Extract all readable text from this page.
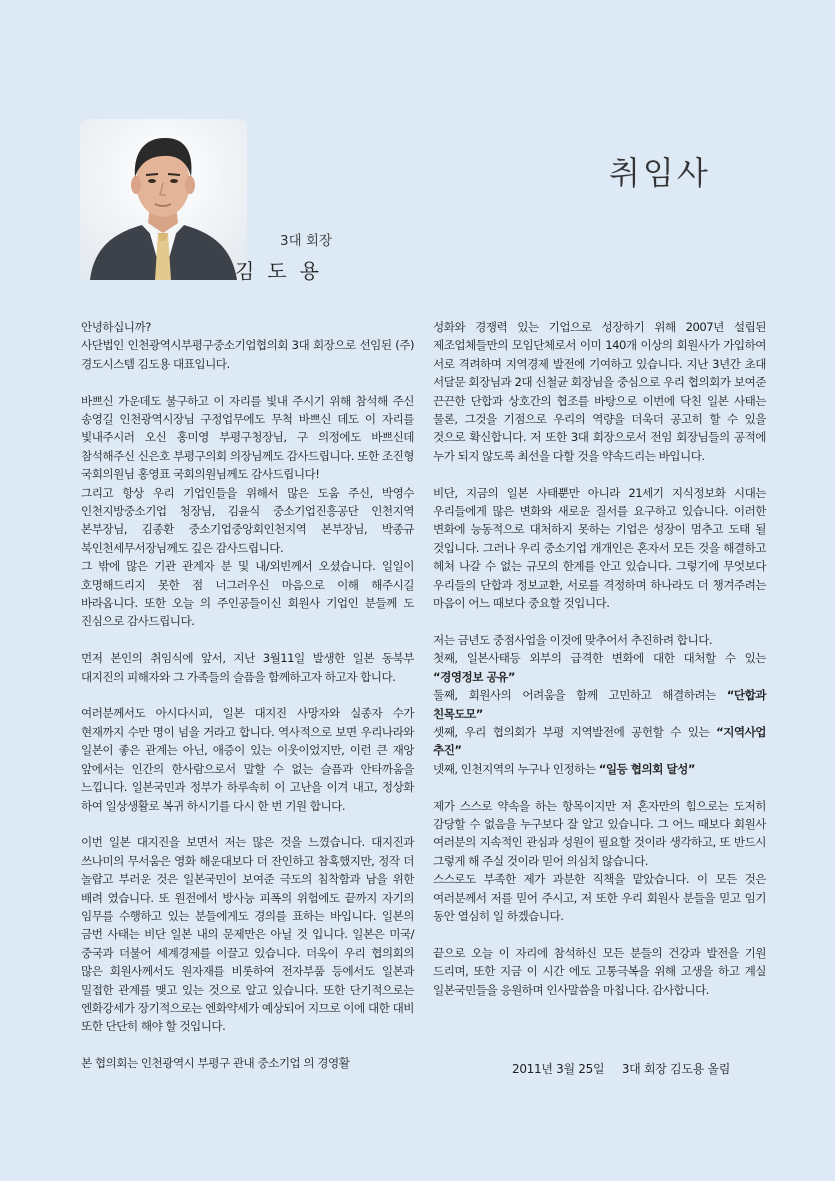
3대 회장
김도용
취임사

안녕하십니까?
사단법인 인천광역시부평구중소기업협의회 3대 회장으로 선임된 (주)경도시스템 김도용 대표입니다.

바쁘신 가운데도 불구하고 이 자리를 빛내 주시기 위해 참석해 주신 송영길 인천광역시장님 구정업무에도 무척 바쁘신 데도 이 자리를 빛내주시러 오신 홍미영 부평구청장님, 구 의정에도 바쁘신데 참석해주신 신은호 부평구의회 의장님께도 감사드립니다. 또한 조진형 국회의원님 홍영표 국회의원님께도 감사드립니다!
그리고 항상 우리 기업인들을 위해서 많은 도움 주신, 박영수 인천지방중소기업 청장님, 김윤식 중소기업진흥공단 인천지역 본부장님, 김종환 중소기업중앙회인천지역 본부장님, 박종규 북인천세무서장님께도 깊은 감사드립니다.
그 밖에 많은 기관 관계자 분 및 내/외빈께서 오셨습니다. 일일이 호명해드리지 못한 점 너그러우신 마음으로 이해 해주시길 바라옵니다. 또한 오늘 의 주인공들이신 회원사 기업인 분들께 도 진심으로 감사드립니다.

먼저 본인의 취임식에 앞서, 지난 3월11일 발생한 일본 동북부 대지진의 피해자와 그 가족들의 슬픔을 함께하고자 하고자 합니다.

여러분께서도 아시다시피, 일본 대지진 사망자와 실종자 수가 현재까지 수만 명이 넘을 거라고 합니다. 역사적으로 보면 우리나라와 일본이 좋은 관계는 아닌, 애증이 있는 이웃이었지만, 이런 큰 재앙 앞에서는 인간의 한사람으로서 말할 수 없는 슬픔과 안타까움을 느낍니다. 일본국민과 정부가 하루속히 이 고난을 이겨 내고, 정상화 하여 일상생활로 복귀 하시기를 다시 한 번 기원 합니다.

이번 일본 대지진을 보면서 저는 많은 것을 느꼈습니다. 대지진과 쓰나미의 무서움은 영화 해운대보다 더 잔인하고 참혹했지만, 정작 더 놀랍고 부러운 것은 일본국민이 보여준 극도의 침착함과 남을 위한 배려 였습니다. 또 원전에서 방사능 피폭의 위험에도 끝까지 자기의 임무를 수행하고 있는 분들에게도 경의를 표하는 바입니다. 일본의 금번 사태는 비단 일본 내의 문제만은 아닐 것 입니다. 일본은 미국/중국과 더불어 세계경제를 이끌고 있습니다. 더욱이 우리 협의회의 많은 회원사께서도 원자재를 비롯하여 전자부품 등에서도 일본과 밀접한 관계를 맺고 있는 것으로 알고 있습니다. 또한 단기적으로는 엔화강세가 장기적으로는 엔화약세가 예상되어 지므로 이에 대한 대비 또한 단단히 해야 할 것입니다.

본 협의회는 인천광역시 부평구 관내 중소기업 의 경영활

성화와 경쟁력 있는 기업으로 성장하기 위해 2007년 설립된 제조업체들만의 모임단체로서 이미 140개 이상의 회원사가 가입하여 서로 격려하며 지역경제 발전에 기여하고 있습니다. 지난 3년간 초대 서달문 회장님과 2대 신철균 회장님을 중심으로 우리 협의회가 보여준 끈끈한 단합과 상호간의 협조를 바탕으로 이번에 닥친 일본 사태는 물론, 그것을 기점으로 우리의 역량을 더욱더 공고히 할 수 있을 것으로 확신합니다. 저 또한 3대 회장으로서 전임 회장님들의 공적에 누가 되지 않도록 최선을 다할 것을 약속드리는 바입니다.

비단, 지금의 일본 사태뿐만 아니라 21세기 지식정보화 시대는 우리들에게 많은 변화와 새로운 질서를 요구하고 있습니다. 이러한 변화에 능동적으로 대처하지 못하는 기업은 성장이 멈추고 도태 될 것입니다. 그러나 우리 중소기업 개개인은 혼자서 모든 것을 해결하고 헤쳐 나갈 수 없는 규모의 한계를 안고 있습니다. 그렇기에 무엇보다 우리들의 단합과 정보교환, 서로를 격정하며 하나라도 더 챙겨주려는 마음이 어느 때보다 중요할 것입니다.

저는 금년도 중점사업을 이것에 맞추어서 추진하려 합니다.

첫째, 일본사태등 외부의 급격한 변화에 대한 대처할 수 있는 “경영정보 공유”

둘째, 회원사의 어려움을 함께 고민하고 해결하려는 “단합과 친목도모”

셋째, 우리 협의회가 부평 지역발전에 공헌할 수 있는 “지역사업 추진”

넷째, 인천지역의 누구나 인정하는 “일등 협의회 달성”

제가 스스로 약속을 하는 항목이지만 저 혼자만의 힘으로는 도저히 감당할 수 없음을 누구보다 잘 알고 있습니다. 그 어느 때보다 회원사 여러분의 지속적인 관심과 성원이 필요할 것이라 생각하고, 또 반드시 그렇게 해 주실 것이라 믿어 의심치 않습니다.
스스로도 부족한 제가 과분한 직책을 맡았습니다. 이 모든 것은 여러분께서 저를 믿어 주시고, 저 또한 우리 회원사 분들을 믿고 임기 동안 열심히 일 하겠습니다.

끝으로 오늘 이 자리에 참석하신 모든 분들의 건강과 발전을 기원 드리며, 또한 지금 이 시간 에도 고통극복을 위해 고생을 하고 계실 일본국민들을 응원하며 인사말씀을 마칩니다. 감사합니다.

2011년 3월 25일     3대 회장 김도용 올림
